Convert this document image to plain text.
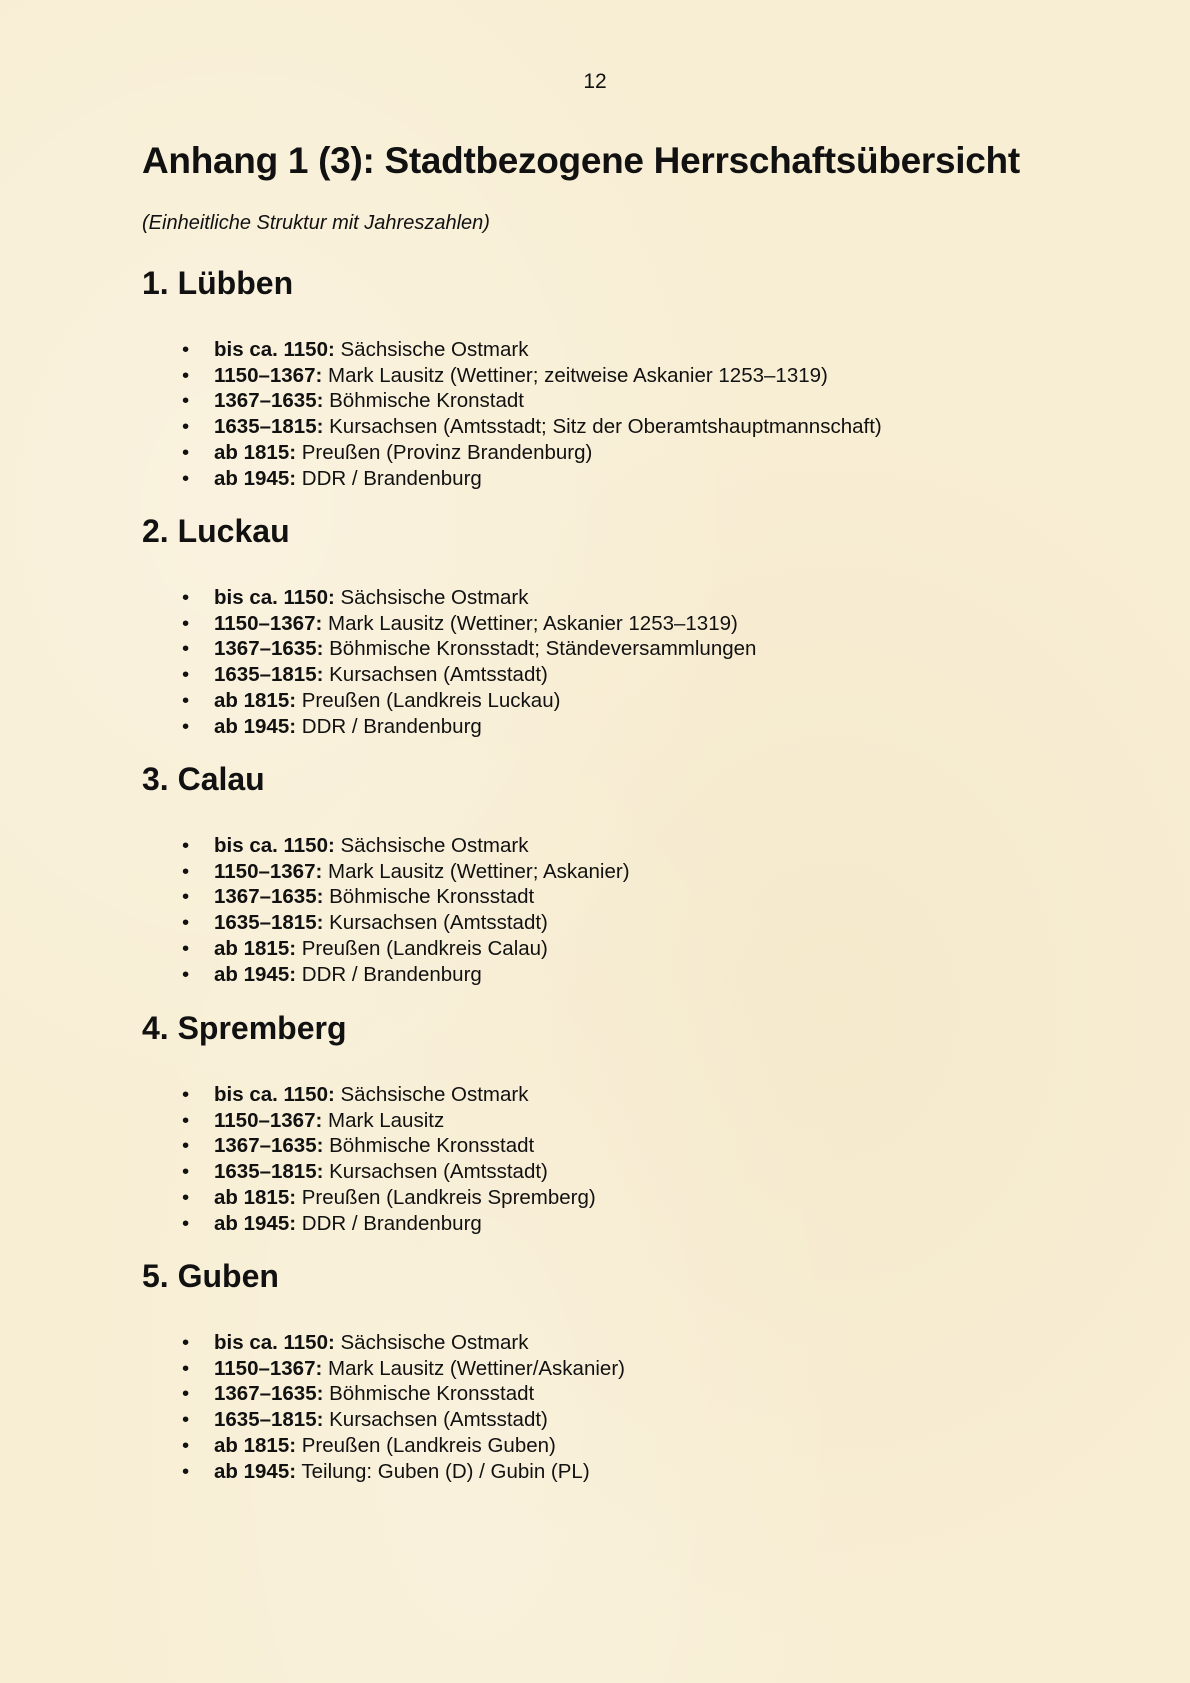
12
Anhang 1 (3): Stadtbezogene Herrschaftsübersicht
(Einheitliche Struktur mit Jahreszahlen)
1. Lübben
• bis ca. 1150: Sächsische Ostmark
• 1150–1367: Mark Lausitz (Wettiner; zeitweise Askanier 1253–1319)
• 1367–1635: Böhmische Kronstadt
• 1635–1815: Kursachsen (Amtsstadt; Sitz der Oberamtshauptmannschaft)
• ab 1815: Preußen (Provinz Brandenburg)
• ab 1945: DDR / Brandenburg
2. Luckau
• bis ca. 1150: Sächsische Ostmark
• 1150–1367: Mark Lausitz (Wettiner; Askanier 1253–1319)
• 1367–1635: Böhmische Kronsstadt; Ständeversammlungen
• 1635–1815: Kursachsen (Amtsstadt)
• ab 1815: Preußen (Landkreis Luckau)
• ab 1945: DDR / Brandenburg
3. Calau
• bis ca. 1150: Sächsische Ostmark
• 1150–1367: Mark Lausitz (Wettiner; Askanier)
• 1367–1635: Böhmische Kronsstadt
• 1635–1815: Kursachsen (Amtsstadt)
• ab 1815: Preußen (Landkreis Calau)
• ab 1945: DDR / Brandenburg
4. Spremberg
• bis ca. 1150: Sächsische Ostmark
• 1150–1367: Mark Lausitz
• 1367–1635: Böhmische Kronsstadt
• 1635–1815: Kursachsen (Amtsstadt)
• ab 1815: Preußen (Landkreis Spremberg)
• ab 1945: DDR / Brandenburg
5. Guben
• bis ca. 1150: Sächsische Ostmark
• 1150–1367: Mark Lausitz (Wettiner/Askanier)
• 1367–1635: Böhmische Kronsstadt
• 1635–1815: Kursachsen (Amtsstadt)
• ab 1815: Preußen (Landkreis Guben)
• ab 1945: Teilung: Guben (D) / Gubin (PL)
